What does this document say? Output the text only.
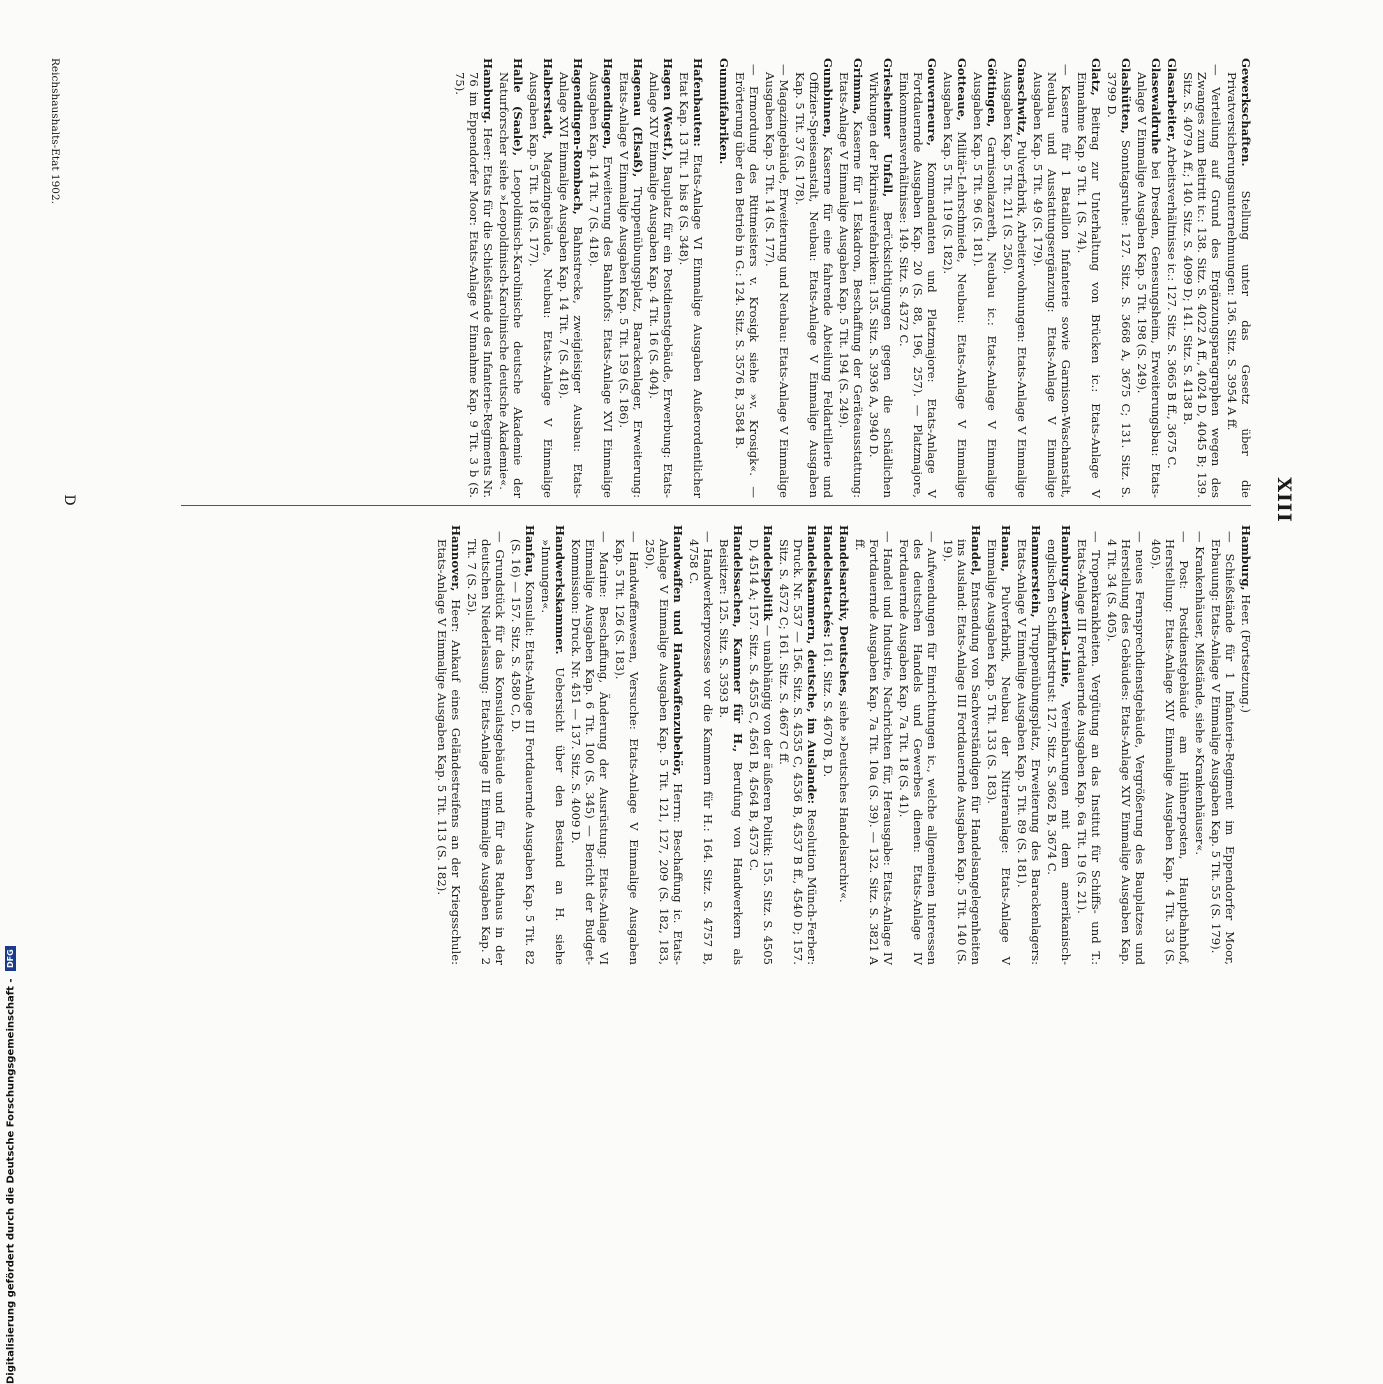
XIII
Gewerkschaften. Stellung unter das Gesetz über die Privatversicherungsunternehmungen: 136. Sitz. S. 3954 A ff.
— Verteilung auf Grund des Ergänzungsparagraphen wegen des Zwanges zum Beitritt ic.: 138. Sitz. S. 4022 A ff., 4024 D, 4045 B; 139. Sitz. S. 4079 A ff.; 140. Sitz. S. 4099 D; 141. Sitz. S. 4138 B.
Glasarbeiter, Arbeitsverhältnisse ic.: 127. Sitz. S. 3665 B ff., 3675 C.
Glasewaldruhe bei Dresden, Genesungsheim, Erweiterungsbau: Etats-Anlage V Einmalige Ausgaben Kap. 5 Tit. 198 (S. 249).
Glashütten, Sonntagsruhe: 127. Sitz. S. 3668 A, 3675 C; 131. Sitz. S. 3799 D.
Glatz, Beitrag zur Unterhaltung von Brücken ic.: Etats-Anlage V Einnahme Kap. 9 Tit. 1 (S. 74).
— Kaserne für 1 Bataillon Infanterie sowie Garnison-Waschanstalt, Neubau und Ausstattungsergänzung: Etats-Anlage V Einmalige Ausgaben Kap. 5 Tit. 49 (S. 179).
Gnaschwitz, Pulverfabrik, Arbeiterwohnungen: Etats-Anlage V Einmalige Ausgaben Kap. 5 Tit. 211 (S. 250).
Göttingen, Garnisonlazareth, Neubau ic.: Etats-Anlage V Einmalige Ausgaben Kap. 5 Tit. 96 (S. 181).
Gotteaue, Militär-Lehrschmiede, Neubau: Etats-Anlage V Einmalige Ausgaben Kap. 5 Tit. 119 (S. 182).
Gouverneure, Kommandanten und Platzmajore: Etats-Anlage V Fortdauernde Ausgaben Kap. 20 (S. 88, 196, 257). — Platzmajore, Einkommensverhältnisse: 149. Sitz. S. 4372 C.
Griesheimer Unfall, Berücksichtigungen gegen die schädlichen Wirkungen der Pikrinsäurefabriken: 135. Sitz. S. 3936 A, 3940 D.
Grimma, Kaserne für 1 Eskadron, Beschaffung der Geräteausstattung: Etats-Anlage V Einmalige Ausgaben Kap. 5 Tit. 194 (S. 249).
Gumbinnen, Kaserne für eine fahrende Abteilung Feldartillerie und Offizier-Speiseanstalt, Neubau: Etats-Anlage V Einmalige Ausgaben Kap. 5 Tit. 37 (S. 178).
— Magazingebäude, Erweiterung und Neubau: Etats-Anlage V Einmalige Ausgaben Kap. 5 Tit. 14 (S. 177).
— Ermordung des Rittmeisters v. Krosigk siehe »v. Krosigk«. — Erörterung über den Betrieb in G.: 124. Sitz. S. 3576 B, 3584 B.
Gummifabriken.
Hafenbauten: Etats-Anlage VI Einmalige Ausgaben Außerordentlicher Etat Kap. 13 Tit. 1 bis 8 (S. 348).
Hagen (Westf.), Bauplatz für ein Postdienstgebäude, Erwerbung: Etats-Anlage XIV Einmalige Ausgaben Kap. 4 Tit. 16 (S. 404).
Hagenau (Elsaß), Truppenübungsplatz, Barackenlager, Erweiterung: Etats-Anlage V Einmalige Ausgaben Kap. 5 Tit. 159 (S. 186).
Hagendingen, Erweiterung des Bahnhofs: Etats-Anlage XVI Einmalige Ausgaben Kap. 14 Tit. 7 (S. 418).
Hagendingen-Rombach, Bahnstrecke, zweigleisiger Ausbau: Etats-Anlage XVI Einmalige Ausgaben Kap. 14 Tit. 7 (S. 418).
Halberstadt, Magazingebäude, Neubau: Etats-Anlage V Einmalige Ausgaben Kap. 5 Tit. 18 (S. 177).
Halle (Saale), Leopoldinisch-Karolinische deutsche Akademie der Naturforscher siehe »Leopoldinisch-Karolinische deutsche Akademie«.
Hamburg. Heer: Etats für die Schießstände des Infanterie-Regiments Nr. 76 im Eppendorfer Moor: Etats-Anlage V Einnahme Kap. 9 Tit. 3 b (S. 75).
Hamburg, Heer. (Fortsetzung.)
— Schießstände für 1 Infanterie-Regiment im Eppendorfer Moor, Erbauung: Etats-Anlage V Einmalige Ausgaben Kap. 5 Tit. 55 (S. 179).
— Krankenhäuser, Mißstände, siehe »Krankenhäuser«.
— Post: Postdienstgebäude am Hühnerposten, Hauptbahnhof, Herstellung: Etats-Anlage XIV Einmalige Ausgaben Kap. 4 Tit. 33 (S. 405).
— neues Fernsprechdienstgebäude, Vergrößerung des Bauplatzes und Herstellung des Gebäudes: Etats-Anlage XIV Einmalige Ausgaben Kap. 4 Tit. 34 (S. 405).
— Tropenkrankheiten. Vergütung an das Institut für Schiffs- und T.: Etats-Anlage III Fortdauernde Ausgaben Kap. 6a Tit. 19 (S. 21).
Hamburg-Amerika-Linie, Vereinbarungen mit dem amerikanisch-englischen Schiffahrtstrust: 127. Sitz. S. 3662 B, 3674 C.
Hammerstein, Truppenübungsplatz, Erweiterung des Barackenlagers: Etats-Anlage V Einmalige Ausgaben Kap. 5 Tit. 89 (S. 181).
Hanau, Pulverfabrik, Neubau der Nitrieranlage: Etats-Anlage V Einmalige Ausgaben Kap. 5 Tit. 133 (S. 183).
Handel, Entsendung von Sachverständigen für Handelsangelegenheiten ins Ausland: Etats-Anlage III Fortdauernde Ausgaben Kap. 5 Tit. 140 (S. 19).
— Aufwendungen für Einrichtungen ic., welche allgemeinen Interessen des deutschen Handels und Gewerbes dienen: Etats-Anlage IV Fortdauernde Ausgaben Kap. 7a Tit. 18 (S. 41).
— Handel und Industrie, Nachrichten für, Herausgabe: Etats-Anlage IV Fortdauernde Ausgaben Kap. 7a Tit. 10a (S. 39). — 132. Sitz. S. 3821 A ff.
Handelsarchiv, Deutsches, siehe »Deutsches Handelsarchiv«.
Handelsattachés: 161. Sitz. S. 4670 B, D.
Handelskammern, deutsche, im Auslande: Resolution Münch-Ferber: Druck. Nr. 537 — 156. Sitz. S. 4535 C, 4536 B, 4537 B ff., 4540 D; 157. Sitz. S. 4572 C; 161. Sitz. S. 4667 C ff.
Handelspolitik — unabhängig von der äußeren Politik: 155. Sitz. S. 4505 D, 4514 A; 157. Sitz. S. 4555 C, 4561 B, 4564 B, 4573 C.
Handelssachen, Kammer für H., Berufung von Handwerkern als Beisitzer: 125. Sitz. S. 3593 B.
— Handwerkerprozesse vor die Kammern für H.: 164. Sitz. S. 4757 B, 4758 C.
Handwaffen und Handwaffenzubehör, Herrn: Beschaffung ic. Etats-Anlage V Einmalige Ausgaben Kap. 5 Tit. 121, 127, 209 (S. 182, 183, 250).
— Handwaffenwesen, Versuche: Etats-Anlage V Einmalige Ausgaben Kap. 5 Tit. 126 (S. 183).
— Marine: Beschaffung, Änderung der Ausrüstung: Etats-Anlage VI Einmalige Ausgaben Kap. 6 Tit. 100 (S. 345) — Bericht der Budget-Kommission: Druck. Nr. 451 — 137. Sitz. S. 4009 D.
Handwerkskammer. Uebersicht über den Bestand an H. siehe »Innungen«.
Hanfau, Konsulat: Etats-Anlage III Fortdauernde Ausgaben Kap. 5 Tit. 82 (S. 16) — 157. Sitz. S. 4580 C, D.
— Grundstück für das Konsulatsgebäude und für das Rathaus in der deutschen Niederlassung: Etats-Anlage III Einmalige Ausgaben Kap. 2 Tit. 7 (S. 25).
Hannover, Heer: Ankauf eines Geländestreifens an der Kriegsschule: Etats-Anlage V Einmalige Ausgaben Kap. 5 Tit. 113 (S. 182).
Reichshaushalts-Etat 1902.
D
Digitalisierung gefördert durch die Deutsche Forschungsgemeinschaft - DFG
